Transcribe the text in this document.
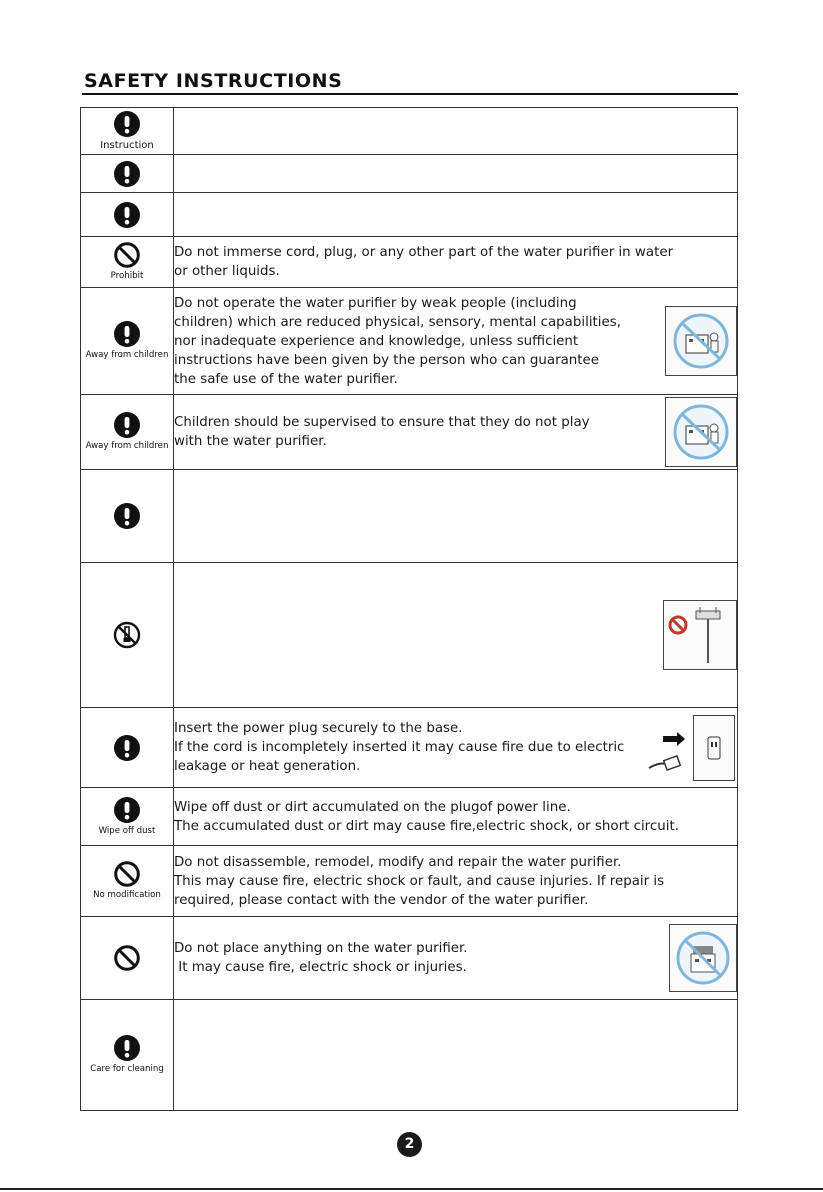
SAFETY INSTRUCTIONS
Instruction	

Prohibit	Do not immerse cord, plug, or any other part of the water purifier in water
or other liquids.

Away from children	Do not operate the water purifier by weak people (including
children) which are reduced physical, sensory, mental capabilities,
nor inadequate experience and knowledge, unless sufficient
instructions have been given by the person who can guarantee
the safe use of the water purifier.

Away from children	Children should be supervised to ensure that they do not play
with the water purifier.

Insert the power plug securely to the base.
If the cord is incompletely inserted it may cause fire due to electric
leakage or heat generation.

Wipe off dust	Wipe off dust or dirt accumulated on the plugof power line.
The accumulated dust or dirt may cause fire,electric shock, or short circuit.

No modification	Do not disassemble, remodel, modify and repair the water purifier.
This may cause fire, electric shock or fault, and cause injuries. If repair is
required, please contact with the vendor of the water purifier.

Do not place anything on the water purifier.
It may cause fire, electric shock or injuries.

Care for cleaning	

2
